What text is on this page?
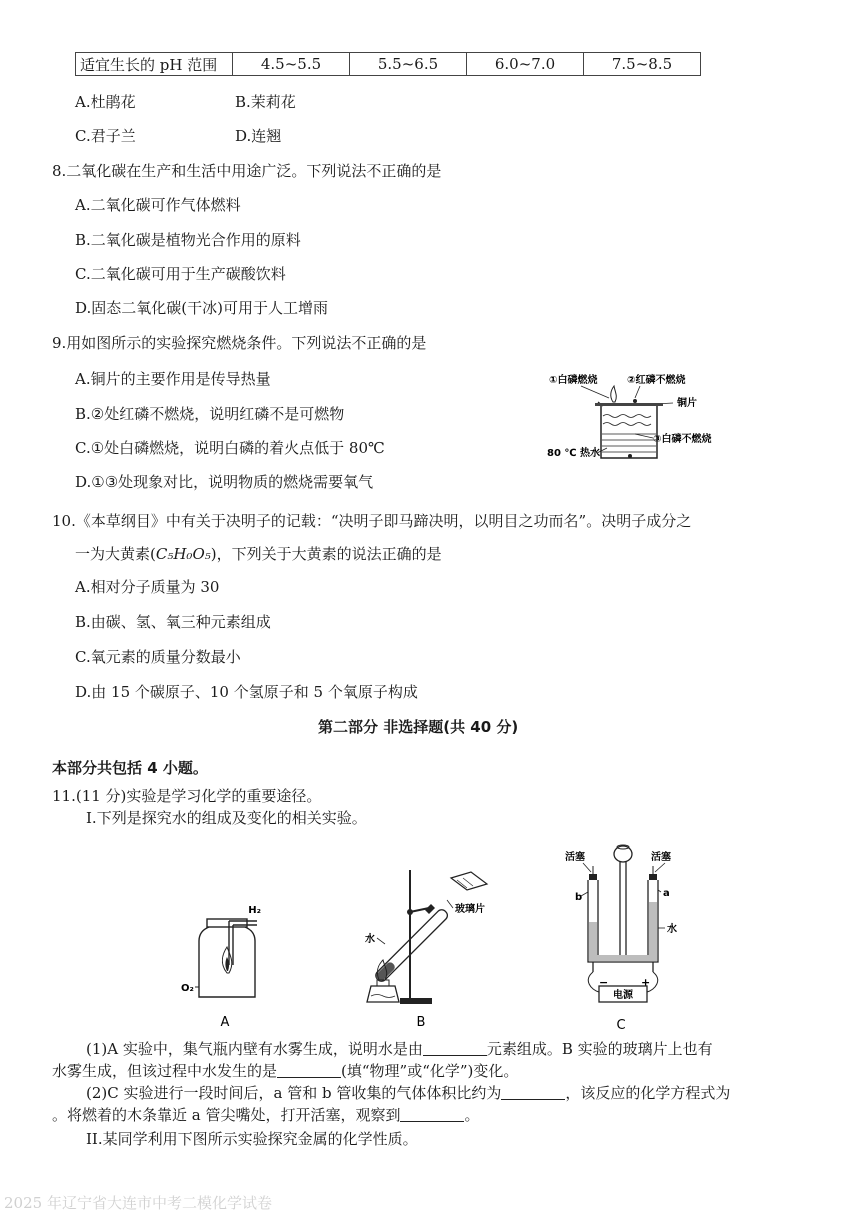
适宜生长的 pH 范围	4.5~5.5	5.5~6.5	6.0~7.0	7.5~8.5
A.杜鹃花	B.茉莉花
C.君子兰	D.连翘
8.二氧化碳在生产和生活中用途广泛。下列说法不正确的是
A.二氧化碳可作气体燃料
B.二氧化碳是植物光合作用的原料
C.二氧化碳可用于生产碳酸饮料
D.固态二氧化碳(干冰)可用于人工增雨
9.用如图所示的实验探究燃烧条件。下列说法不正确的是
A.铜片的主要作用是传导热量
B.②处红磷不燃烧，说明红磷不是可燃物
C.①处白磷燃烧，说明白磷的着火点低于 80℃
D.①③处现象对比，说明物质的燃烧需要氧气
①白磷燃烧	②红磷不燃烧
铜片
③白磷不燃烧
80 ℃ 热水
10.《本草纲目》中有关于决明子的记载：“决明子即马蹄决明，以明目之功而名”。决明子成分之
一为大黄素(C₅H₀O₅)，下列关于大黄素的说法正确的是
A.相对分子质量为 30
B.由碳、氢、氧三种元素组成
C.氧元素的质量分数最小
D.由 15 个碳原子、10 个氢原子和 5 个氧原子构成
第二部分 非选择题(共 40 分)
本部分共包括 4 小题。
11.(11 分)实验是学习化学的重要途径。
I.下列是探究水的组成及变化的相关实验。
H₂
O₂
A
玻璃片
水
B
活塞	活塞
b	a
水
−	+
电源
C
(1)A 实验中，集气瓶内壁有水雾生成，说明水是由	元素组成。B 实验的玻璃片上也有
水雾生成，但该过程中水发生的是	(填“物理”或“化学”)变化。
(2)C 实验进行一段时间后，a 管和 b 管收集的气体体积比约为	，该反应的化学方程式为
。将燃着的木条靠近 a 管尖嘴处，打开活塞，观察到	。
II.某同学利用下图所示实验探究金属的化学性质。
2025 年辽宁省大连市中考二模化学试卷
